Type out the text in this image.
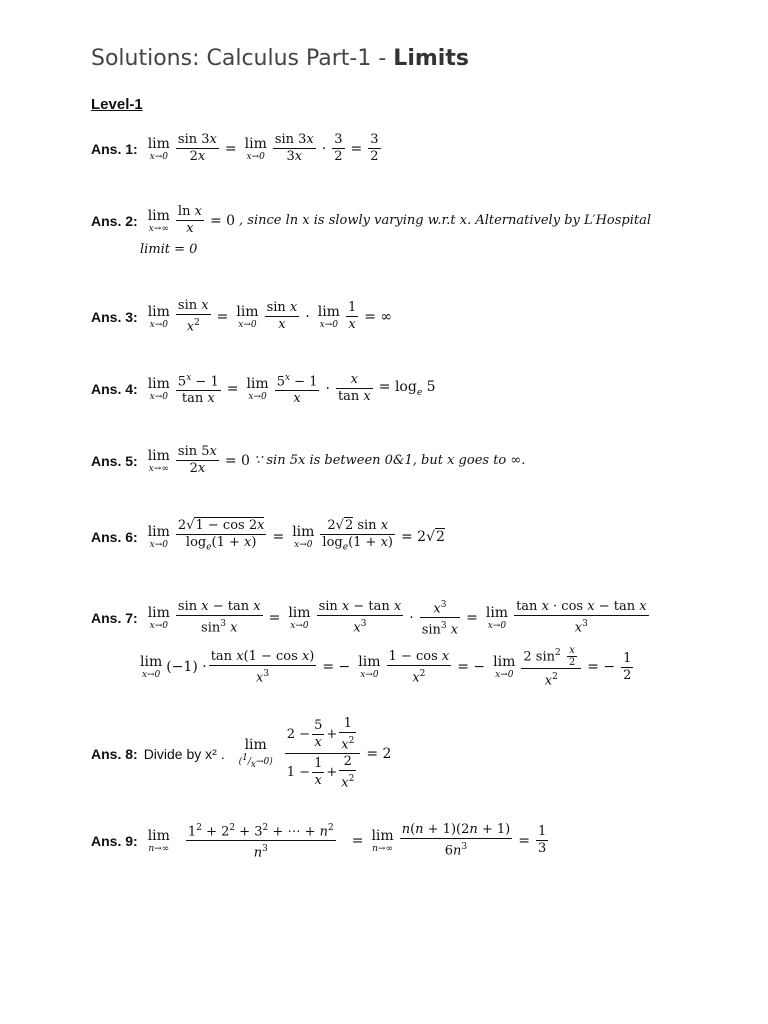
Solutions: Calculus Part-1 - Limits
Level-1
Ans. 1: lim
$x\to 0 \frac{\sin 3x}{2x} = \lim$
$x\to 0 \frac{\sin 3x}{3x} \cdot \frac{3}{2} = \frac{3}{2}$
Ans. 2: lim
$x\to\infty \frac{\text{ln x}}{x} = 0$ , since ln x is slowly varying w.r.t x. Alternatively by L′Hospital
limit = 0
Ans. 3: lim
$x\to 0 \frac{\text{sin x}}{x^2} = \lim$
$x\to 0 \frac{\text{sin x}}{x} \cdot \lim$
$x\to 0 \frac{1}{x}$ = ∞
Ans. 4: lim
$x\to 0 \frac{5^x - 1}{\text{tan x}} = \lim$
$x\to 0 \frac{5^x - 1}{x} \cdot \frac{x}{\text{tan x}} = \log_e 5$
Ans. 5: lim
$x\to\infty \frac{\sin 5x}{2x} = 0$ ∵ sin 5x is between 0&1, but x goes to ∞.
Ans. 6: lim
$x\to 0 \frac{2√1 - \cos 2x}{\log_e(1 + x)} = \lim$
$x\to 0 \frac{\text{2√2 sin x}}{\log_e(1 + x)} = 2√2$
Ans. 7: lim
$x\to 0 \frac{\text{sin x − tan x}}{\sin^3 x} = \lim$
$x\to 0 \frac{\text{sin x − tan x}}{x^3} \cdot \frac{x^3}{\sin^3 x} = \lim$
$x\to 0 \frac{\text{tan x · cos x − tan x}}{x^3}$
lim
x→0 $(-1) \cdot \frac{\text{tan x(1 − cos x)}}{x^3}$ = − lim
$x\to 0 \frac{\text{1 − cos x}}{x^2}$ = − lim
$x\to 0 \frac{2 \sin^2 \frac{x}{2}}{x^2}$ = − $\frac{1}{2}$
Ans. 8: Divide by x² .
lim
$(^1/_x\to 0) \frac{2 - \frac{5}{x} + \frac{1}{x^2}}{1 - \frac{1}{x} + \frac{2}{x^2}} = 2$
Ans. 9: lim
$n\to\infty \frac{1^2 + 2^2 + 3^2 + \cdots + n^2}{n^3} = \lim$
$n\to\infty \frac{n(n + 1)(2n + 1)}{6n^3} = \frac{1}{3}$
